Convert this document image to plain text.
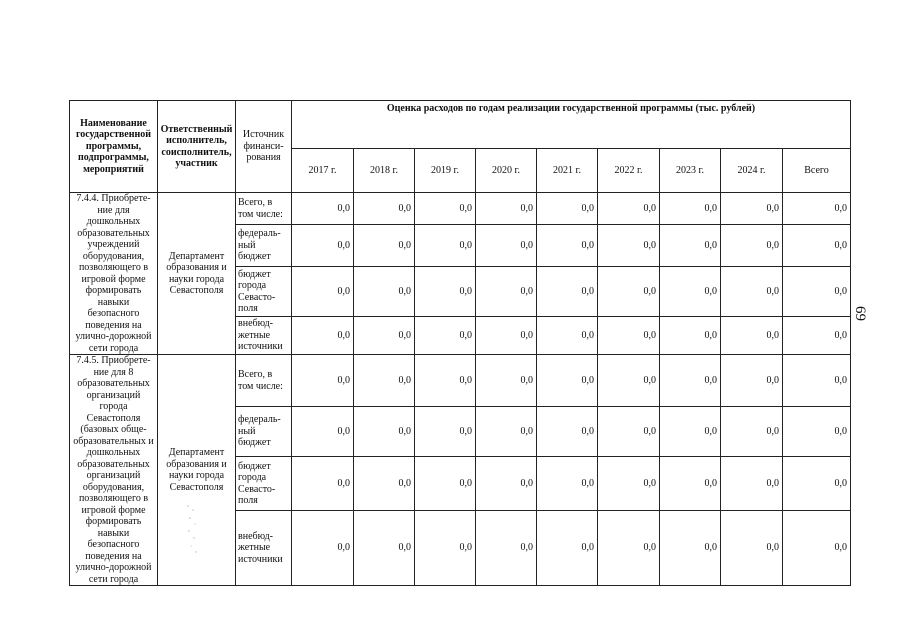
Наименование государственной программы, подпрограммы, мероприятий	Ответственный исполнитель, соисполнитель, участник	Источник финанси-рования	Оценка расходов по годам реализации государственной программы (тыс. рублей)								
			2017 г.	2018 г.	2019 г.	2020 г.	2021 г.	2022 г.	2023 г.	2024 г.	Всего
7.4.4. Приобрете-ние для дошкольных образовательных учреждений оборудования, позволяющего в игровой форме формировать навыки безопасного поведения на улично-дорожной сети города	Департамент образования и науки города Севастополя	Всего, в том числе:	0,0	0,0	0,0	0,0	0,0	0,0	0,0	0,0	0,0
		федераль-ный бюджет	0,0	0,0	0,0	0,0	0,0	0,0	0,0	0,0	0,0
		бюджет города Севасто-поля	0,0	0,0	0,0	0,0	0,0	0,0	0,0	0,0	0,0
		внебюд-жетные источники	0,0	0,0	0,0	0,0	0,0	0,0	0,0	0,0	0,0
7.4.5. Приобрете-ние для 8 образовательных организаций города Севастополя (базовых обще-образовательных и дошкольных образовательных организаций оборудования, позволяющего в игровой форме формировать навыки безопасного поведения на улично-дорожной сети города	Департамент образования и науки города Севастополя	Всего, в том числе:	0,0	0,0	0,0	0,0	0,0	0,0	0,0	0,0	0,0
		федераль-ный бюджет	0,0	0,0	0,0	0,0	0,0	0,0	0,0	0,0	0,0
		бюджет города Севасто-поля	0,0	0,0	0,0	0,0	0,0	0,0	0,0	0,0	0,0
		внебюд-жетные источники	0,0	0,0	0,0	0,0	0,0	0,0	0,0	0,0	0,0
69
